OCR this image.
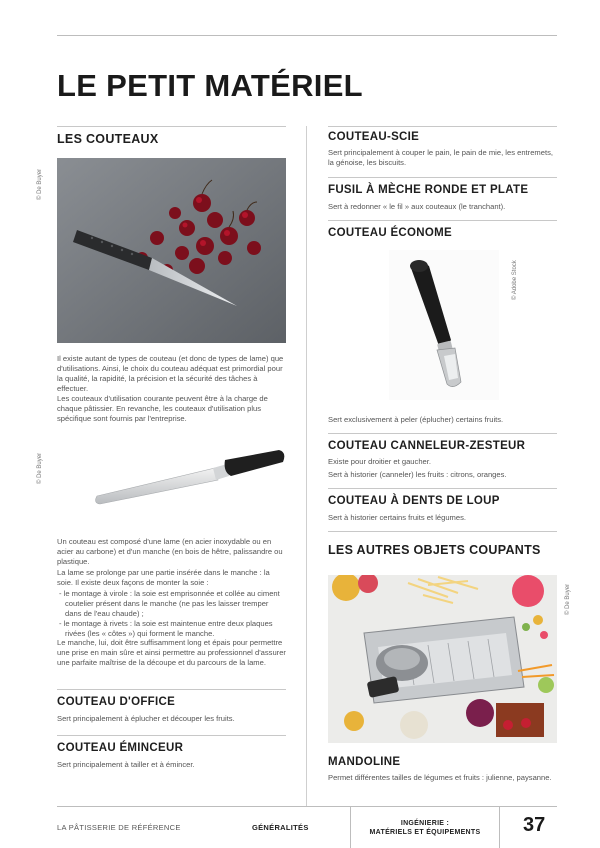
LE PETIT MATÉRIEL
LES COUTEAUX
© De Buyer

Il existe autant de types de couteau (et donc de types de lame) que d'utilisations. Ainsi, le choix du couteau adéquat est primordial pour la qualité, la rapidité, la précision et la sécurité des tâches à effectuer.

Les couteaux d'utilisation courante peuvent être à la charge de chaque pâtissier. En revanche, les couteaux d'utilisation plus spécifique sont fournis par l'entreprise.

© De Buyer

Un couteau est composé d'une lame (en acier inoxydable ou en acier au carbone) et d'un manche (en bois de hêtre, palissandre ou plastique.

La lame se prolonge par une partie insérée dans le manche : la soie. Il existe deux façons de monter la soie :

- le montage à virole : la soie est emprisonnée et collée au ciment coutelier présent dans le manche (ne pas les laisser tremper dans de l'eau chaude) ;
- le montage à rivets : la soie est maintenue entre deux plaques rivées (les « côtes ») qui forment le manche.

Le manche, lui, doit être suffisamment long et épais pour permettre une prise en main sûre et ainsi permettre au professionnel d'assurer une parfaite maîtrise de la découpe et du parcours de la lame.

COUTEAU D'OFFICE

Sert principalement à éplucher et découper les fruits.

COUTEAU ÉMINCEUR

Sert principalement à tailler et à émincer.

COUTEAU-SCIE

Sert principalement à couper le pain, le pain de mie, les entremets, la génoise, les biscuits.

FUSIL À MÈCHE RONDE ET PLATE

Sert à redonner « le fil » aux couteaux (le tranchant).

COUTEAU ÉCONOME
© Adobe Stock

Sert exclusivement à peler (éplucher) certains fruits.

COUTEAU CANNELEUR-ZESTEUR

Existe pour droitier et gaucher.

Sert à historier (canneler) les fruits : citrons, oranges.

COUTEAU À DENTS DE LOUP

Sert à historier certains fruits et légumes.

LES AUTRES OBJETS COUPANTS
© De Buyer
MANDOLINE

Permet différentes tailles de légumes et fruits : julienne, paysanne.

LA PÂTISSERIE DE RÉFÉRENCE	GÉNÉRALITÉS	INGÉNIERIE :
MATÉRIELS ET ÉQUIPEMENTS	37
